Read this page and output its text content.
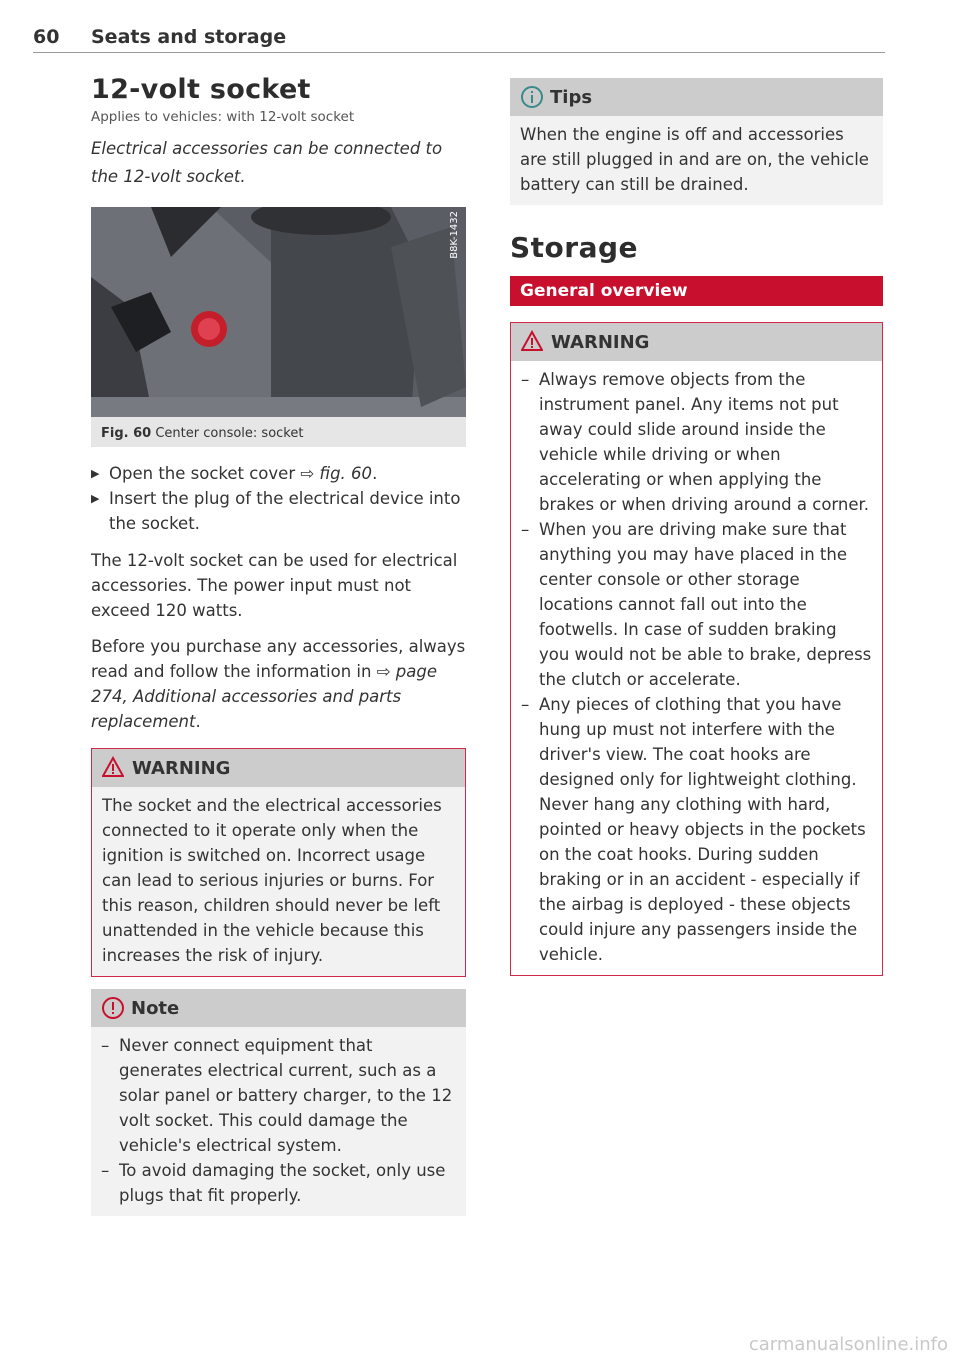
60 Seats and storage
12-volt socket
Applies to vehicles: with 12-volt socket
Electrical accessories can be connected to the 12-volt socket.
B8K-1432
Fig. 60 Center console: socket
▶ Open the socket cover ⇨ fig. 60.
▶ Insert the plug of the electrical device into the socket.
The 12-volt socket can be used for electrical accessories. The power input must not exceed 120 watts.
Before you purchase any accessories, always read and follow the information in ⇨ page 274, Additional accessories and parts replacement.
WARNING
The socket and the electrical accessories connected to it operate only when the ignition is switched on. Incorrect usage can lead to serious injuries or burns. For this reason, children should never be left unattended in the vehicle because this increases the risk of injury.
Note
– Never connect equipment that generates electrical current, such as a solar panel or battery charger, to the 12 volt socket. This could damage the vehicle's electrical system.
– To avoid damaging the socket, only use plugs that fit properly.
Tips
When the engine is off and accessories are still plugged in and are on, the vehicle battery can still be drained.
Storage
General overview
WARNING
– Always remove objects from the instrument panel. Any items not put away could slide around inside the vehicle while driving or when accelerating or when applying the brakes or when driving around a corner.
– When you are driving make sure that anything you may have placed in the center console or other storage locations cannot fall out into the footwells. In case of sudden braking you would not be able to brake, depress the clutch or accelerate.
– Any pieces of clothing that you have hung up must not interfere with the driver's view. The coat hooks are designed only for lightweight clothing. Never hang any clothing with hard, pointed or heavy objects in the pockets on the coat hooks. During sudden braking or in an accident - especially if the airbag is deployed - these objects could injure any passengers inside the vehicle.
carmanualsonline.info
